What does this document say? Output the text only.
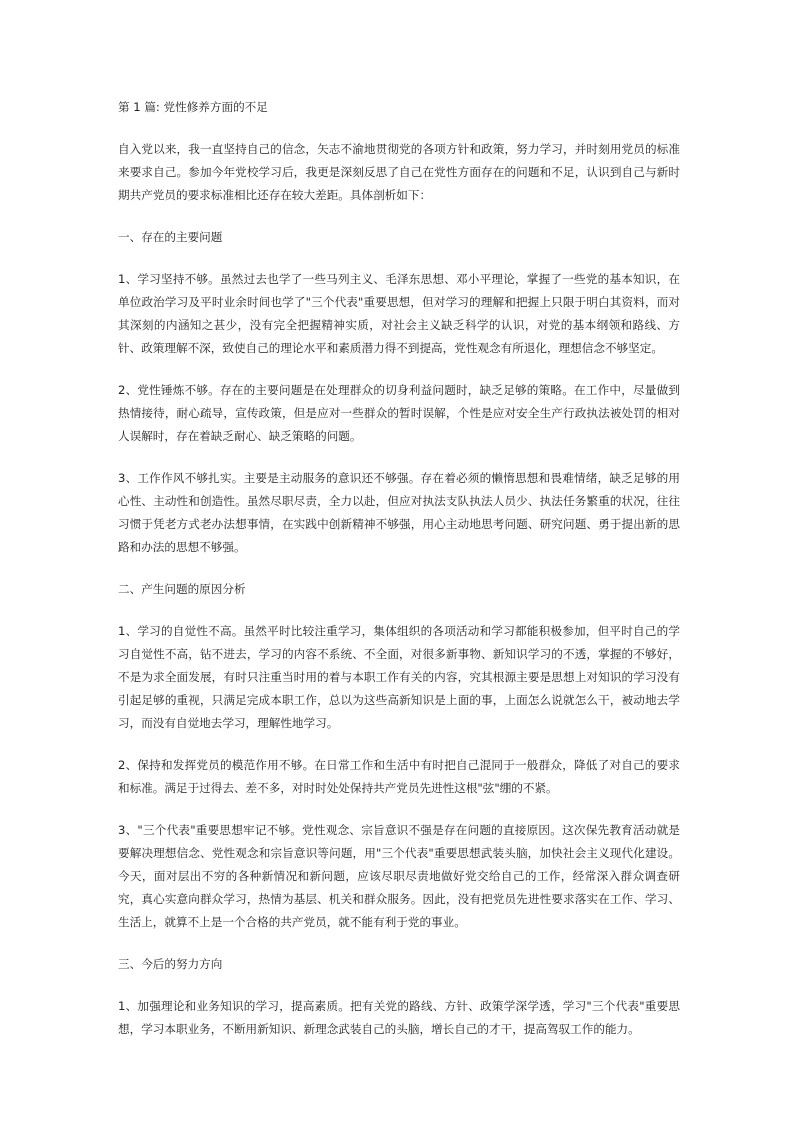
第 1 篇: 党性修养方面的不足

自入党以来，我一直坚持自己的信念，矢志不渝地贯彻党的各项方针和政策，努力学习，并时刻用党员的标准来要求自己。参加今年党校学习后，我更是深刻反思了自己在党性方面存在的问题和不足，认识到自己与新时期共产党员的要求标准相比还存在较大差距。具体剖析如下：

一、存在的主要问题

1、学习坚持不够。虽然过去也学了一些马列主义、毛泽东思想、邓小平理论，掌握了一些党的基本知识，在单位政治学习及平时业余时间也学了"三个代表"重要思想，但对学习的理解和把握上只限于明白其资料，而对其深刻的内涵知之甚少，没有完全把握精神实质，对社会主义缺乏科学的认识，对党的基本纲领和路线、方针、政策理解不深，致使自己的理论水平和素质潜力得不到提高，党性观念有所退化，理想信念不够坚定。

2、党性锤炼不够。存在的主要问题是在处理群众的切身利益问题时，缺乏足够的策略。在工作中，尽量做到热情接待，耐心疏导，宣传政策，但是应对一些群众的暂时误解，个性是应对安全生产行政执法被处罚的相对人误解时，存在着缺乏耐心、缺乏策略的问题。

3、工作作风不够扎实。主要是主动服务的意识还不够强。存在着必须的懒惰思想和畏难情绪，缺乏足够的用心性、主动性和创造性。虽然尽职尽责，全力以赴，但应对执法支队执法人员少、执法任务繁重的状况，往往习惯于凭老方式老办法想事情，在实践中创新精神不够强，用心主动地思考问题、研究问题、勇于提出新的思路和办法的思想不够强。

二、产生问题的原因分析

1、学习的自觉性不高。虽然平时比较注重学习，集体组织的各项活动和学习都能积极参加，但平时自己的学习自觉性不高，钻不进去，学习的内容不系统、不全面，对很多新事物、新知识学习的不透，掌握的不够好，不是为求全面发展，有时只注重当时用的着与本职工作有关的内容，究其根源主要是思想上对知识的学习没有引起足够的重视，只满足完成本职工作，总以为这些高新知识是上面的事，上面怎么说就怎么干，被动地去学习，而没有自觉地去学习，理解性地学习。

2、保持和发挥党员的模范作用不够。在日常工作和生活中有时把自己混同于一般群众，降低了对自己的要求和标准。满足于过得去、差不多，对时时处处保持共产党员先进性这根"弦"绷的不紧。

3、"三个代表"重要思想牢记不够。党性观念、宗旨意识不强是存在问题的直接原因。这次保先教育活动就是要解决理想信念、党性观念和宗旨意识等问题，用"三个代表"重要思想武装头脑，加快社会主义现代化建设。今天，面对层出不穷的各种新情况和新问题，应该尽职尽责地做好党交给自己的工作，经常深入群众调查研究，真心实意向群众学习，热情为基层、机关和群众服务。因此，没有把党员先进性要求落实在工作、学习、生活上，就算不上是一个合格的共产党员，就不能有利于党的事业。

三、今后的努力方向

1、加强理论和业务知识的学习，提高素质。把有关党的路线、方针、政策学深学透，学习"三个代表"重要思想，学习本职业务，不断用新知识、新理念武装自己的头脑，增长自己的才干，提高驾驭工作的能力。
